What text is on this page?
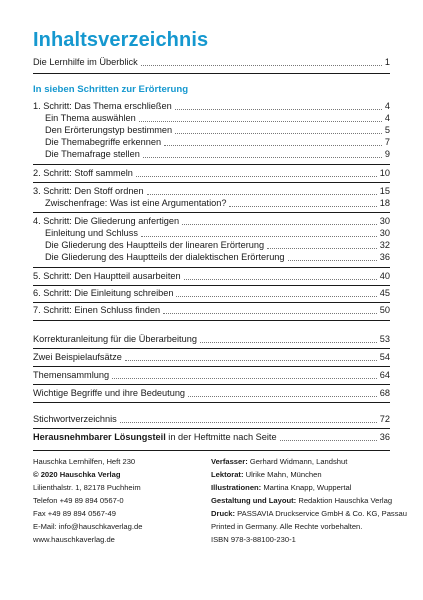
Inhaltsverzeichnis
Die Lernhilfe im Überblick	1
In sieben Schritten zur Erörterung
1. Schritt: Das Thema erschließen	4
Ein Thema auswählen	4
Den Erörterungstyp bestimmen	5
Die Themabegriffe erkennen	7
Die Themafrage stellen	9
2. Schritt: Stoff sammeln	10
3. Schritt: Den Stoff ordnen	15
Zwischenfrage: Was ist eine Argumentation?	18
4. Schritt: Die Gliederung anfertigen	30
Einleitung und Schluss	30
Die Gliederung des Hauptteils der linearen Erörterung	32
Die Gliederung des Hauptteils der dialektischen Erörterung	36
5. Schritt: Den Hauptteil ausarbeiten	40
6. Schritt: Die Einleitung schreiben	45
7. Schritt: Einen Schluss finden	50
Korrekturanleitung für die Überarbeitung	53
Zwei Beispielaufsätze	54
Themensammlung	64
Wichtige Begriffe und ihre Bedeutung	68
Stichwortverzeichnis	72
Herausnehmbarer Lösungsteil in der Heftmitte nach Seite	36
Hauschka Lernhilfen, Heft 230
© 2020 Hauschka Verlag
Lilienthalstr. 1, 82178 Puchheim
Telefon +49 89 894 0567-0
Fax +49 89 894 0567-49
E-Mail: info@hauschkaverlag.de
www.hauschkaverlag.de
Verfasser: Gerhard Widmann, Landshut
Lektorat: Ulrike Mahn, München
Illustrationen: Martina Knapp, Wuppertal
Gestaltung und Layout: Redaktion Hauschka Verlag
Druck: PASSAVIA Druckservice GmbH & Co. KG, Passau
Printed in Germany. Alle Rechte vorbehalten.
ISBN 978-3-88100-230-1
